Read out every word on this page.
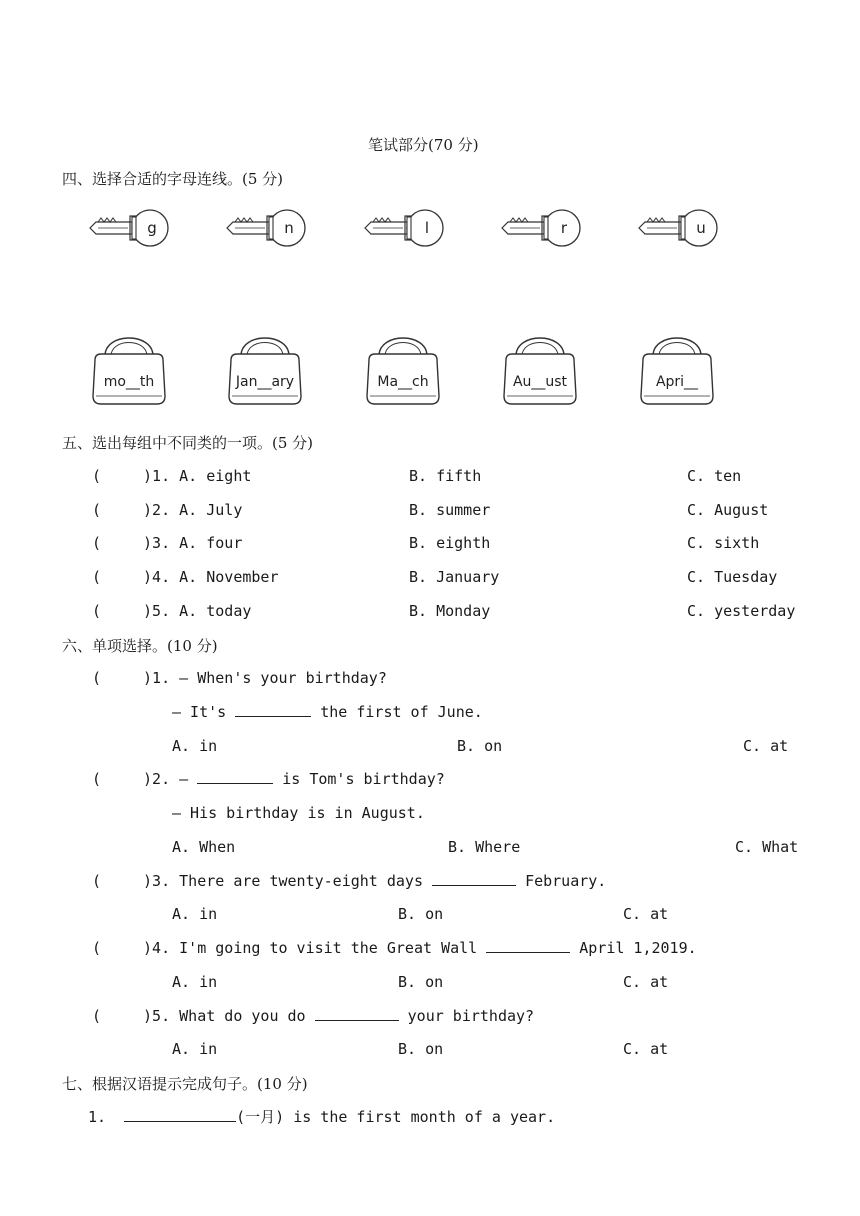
笔试部分(70 分)
四、选择合适的字母连线。(5 分)
g	n	l	r	u
mo__th	Jan__ary	Ma__ch	Au__ust	Apri__
五、选出每组中不同类的一项。(5 分)
(	)1. A. eight	B. fifth	C. ten
(	)2. A. July	B. summer	C. August
(	)3. A. four	B. eighth	C. sixth
(	)4. A. November	B. January	C. Tuesday
(	)5. A. today	B. Monday	C. yesterday
六、单项选择。(10 分)
(	)1. — When's your birthday?
— It's	the first of June.
A. in	B. on	C. at
(	)2. —	is Tom's birthday?
— His birthday is in August.
A. When	B. Where	C. What
(	)3. There are twenty-eight days	February.
A. in	B. on	C. at
(	)4. I'm going to visit the Great Wall	April 1,2019.
A. in	B. on	C. at
(	)5. What do you do	your birthday?
A. in	B. on	C. at
七、根据汉语提示完成句子。(10 分)
1.	(一月) is the first month of a year.
